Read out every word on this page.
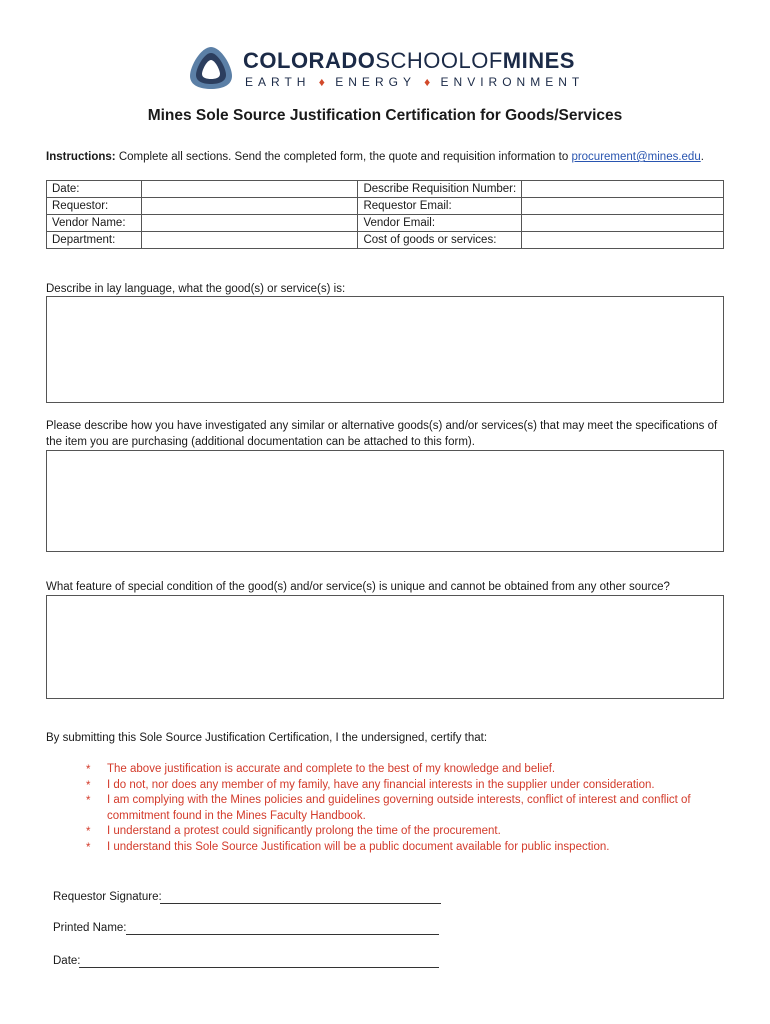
COLORADOSCHOOLOFMINES
EARTH ♦ ENERGY ♦ ENVIRONMENT
Mines Sole Source Justification Certification for Goods/Services
Instructions: Complete all sections. Send the completed form, the quote and requisition information to procurement@mines.edu.
Date:		Describe Requisition Number:	
Requestor:		Requestor Email:	
Vendor Name:		Vendor Email:	
Department:		Cost of goods or services:	
Describe in lay language, what the good(s) or service(s) is:
Please describe how you have investigated any similar or alternative goods(s) and/or services(s) that may meet the specifications of the item you are purchasing (additional documentation can be attached to this form).
What feature of special condition of the good(s) and/or service(s) is unique and cannot be obtained from any other source?
By submitting this Sole Source Justification Certification, I the undersigned, certify that:
* The above justification is accurate and complete to the best of my knowledge and belief.
* I do not, nor does any member of my family, have any financial interests in the supplier under consideration.
* I am complying with the Mines policies and guidelines governing outside interests, conflict of interest and conflict of commitment found in the Mines Faculty Handbook.
* I understand a protest could significantly prolong the time of the procurement.
* I understand this Sole Source Justification will be a public document available for public inspection.
Requestor Signature:
Printed Name:
Date:
